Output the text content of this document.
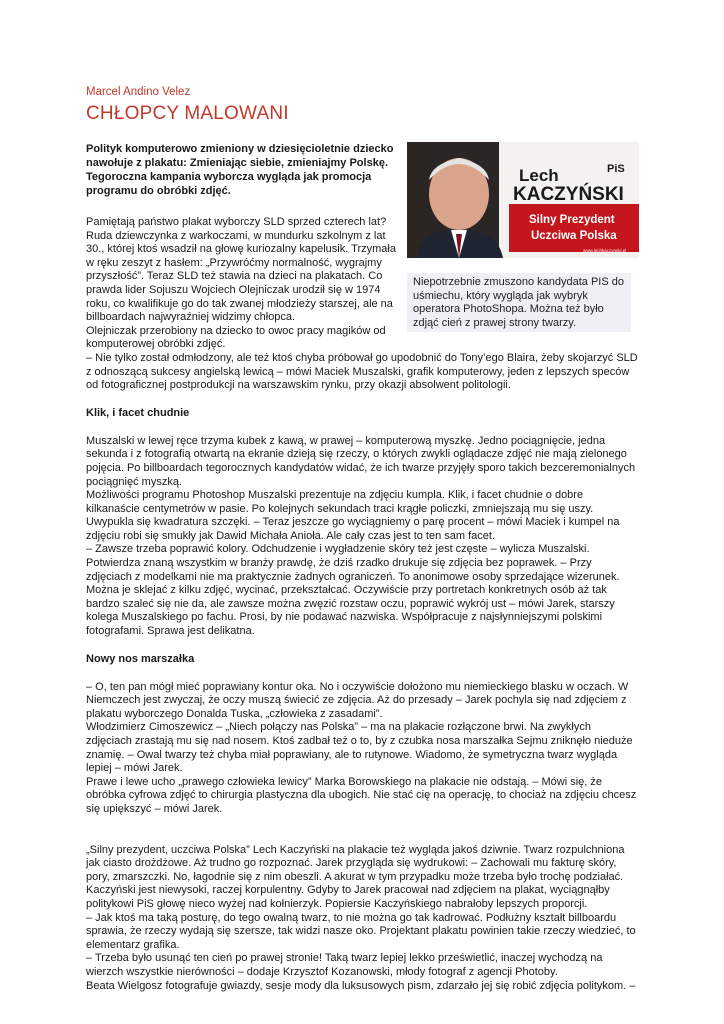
Marcel Andino Velez
CHŁOPCY MALOWANI

Polityk komputerowo zmieniony w dziesięcioletnie dziecko nawołuje z plakatu: Zmieniając siebie, zmieniajmy Polskę. Tegoroczna kampania wyborcza wygląda jak promocja programu do obróbki zdjęć.

Pamiętają państwo plakat wyborczy SLD sprzed czterech lat? Ruda dziewczynka z warkoczami, w mundurku szkolnym z lat 30., której ktoś wsadził na głowę kuriozalny kapelusik. Trzymała w ręku zeszyt z hasłem: „Przywróćmy normalność, wygrajmy przyszłość”. Teraz SLD też stawia na dzieci na plakatach. Co prawda lider Sojuszu Wojciech Olejniczak urodził się w 1974 roku, co kwalifikuje go do tak zwanej młodzieży starszej, ale na billboardach najwyraźniej widzimy chłopca.
Olejniczak przerobiony na dziecko to owoc pracy magików od komputerowej obróbki zdjęć.

– Nie tylko został odmłodzony, ale też ktoś chyba próbował go upodobnić do Tony’ego Blaira, żeby skojarzyć SLD z odnoszącą sukcesy angielską lewicą – mówi Maciek Muszalski, grafik komputerowy, jeden z lepszych speców od fotograficznej postprodukcji na warszawskim rynku, przy okazji absolwent politologii.

Klik, i facet chudnie

Muszalski w lewej ręce trzyma kubek z kawą, w prawej – komputerową myszkę. Jedno pociągnięcie, jedna sekunda i z fotografią otwartą na ekranie dzieją się rzeczy, o których zwykli oglądacze zdjęć nie mają zielonego pojęcia. Po billboardach tegorocznych kandydatów widać, że ich twarze przyjęły sporo takich bezceremonialnych pociągnięć myszką.
Możliwości programu Photoshop Muszalski prezentuje na zdjęciu kumpla. Klik, i facet chudnie o dobre kilkanaście centymetrów w pasie. Po kolejnych sekundach traci krągłe policzki, zmniejszają mu się uszy. Uwypukla się kwadratura szczęki. – Teraz jeszcze go wyciągniemy o parę procent – mówi Maciek i kumpel na zdjęciu robi się smukły jak Dawid Michała Anioła. Ale cały czas jest to ten sam facet.
– Zawsze trzeba poprawić kolory. Odchudzenie i wygładzenie skóry też jest częste – wylicza Muszalski. Potwierdza znaną wszystkim w branży prawdę, że dziś rzadko drukuje się zdjęcia bez poprawek. – Przy zdjęciach z modelkami nie ma praktycznie żadnych ograniczeń. To anonimowe osoby sprzedające wizerunek. Można je sklejać z kilku zdjęć, wycinać, przekształcać. Oczywiście przy portretach konkretnych osób aż tak bardzo szaleć się nie da, ale zawsze można zwęzić rozstaw oczu, poprawić wykrój ust – mówi Jarek, starszy kolega Muszalskiego po fachu. Prosi, by nie podawać nazwiska. Współpracuje z najsłynniejszymi polskimi fotografami. Sprawa jest delikatna.

Nowy nos marszałka

– O, ten pan mógł mieć poprawiany kontur oka. No i oczywiście dołożono mu niemieckiego blasku w oczach. W Niemczech jest zwyczaj, że oczy muszą świecić ze zdjęcia. Aż do przesady – Jarek pochyla się nad zdjęciem z plakatu wyborczego Donalda Tuska, „człowieka z zasadami”.
Włodzimierz Cimoszewicz – „Niech połączy nas Polska” – ma na plakacie rozłączone brwi. Na zwykłych zdjęciach zrastają mu się nad nosem. Ktoś zadbał też o to, by z czubka nosa marszałka Sejmu zniknęło nieduże znamię. – Owal twarzy też chyba miał poprawiany, ale to rutynowe. Wiadomo, że symetryczna twarz wygląda lepiej – mówi Jarek.
Prawe i lewe ucho „prawego człowieka lewicy” Marka Borowskiego na plakacie nie odstają. – Mówi się, że obróbka cyfrowa zdjęć to chirurgia plastyczna dla ubogich. Nie stać cię na operację, to chociaż na zdjęciu chcesz się upiększyć – mówi Jarek.

„Silny prezydent, uczciwa Polska” Lech Kaczyński na plakacie też wygląda jakoś dziwnie. Twarz rozpulchniona jak ciasto drożdżowe. Aż trudno go rozpoznać. Jarek przygląda się wydrukowi: – Zachowali mu fakturę skóry, pory, zmarszczki. No, łagodnie się z nim obeszli. A akurat w tym przypadku może trzeba było trochę podziałać. Kaczyński jest niewysoki, raczej korpulentny. Gdyby to Jarek pracował nad zdjęciem na plakat, wyciągnąłby politykowi PiS głowę nieco wyżej nad kołnierzyk. Popiersie Kaczyńskiego nabrałoby lepszych proporcji.
– Jak ktoś ma taką posturę, do tego owalną twarz, to nie można go tak kadrować. Podłużny kształt billboardu sprawia, że rzeczy wydają się szersze, tak widzi nasze oko. Projektant plakatu powinien takie rzeczy wiedzieć, to elementarz grafika.
– Trzeba było usunąć ten cień po prawej stronie! Taką twarz lepiej lekko prześwietlić, inaczej wychodzą na wierzch wszystkie nierówności – dodaje Krzysztof Kozanowski, młody fotograf z agencji Photoby.
Beata Wielgosz fotografuje gwiazdy, sesje mody dla luksusowych pism, zdarzało jej się robić zdjęcia politykom. –

Lech
KACZYŃSKI
PiS
Silny Prezydent
Uczciwa Polska
www.lechkaczynski.pl
Niepotrzebnie zmuszono kandydata PIS do uśmiechu, który wygląda jak wybryk operatora PhotoShopa. Można też było zdjąć cień z prawej strony twarzy.
